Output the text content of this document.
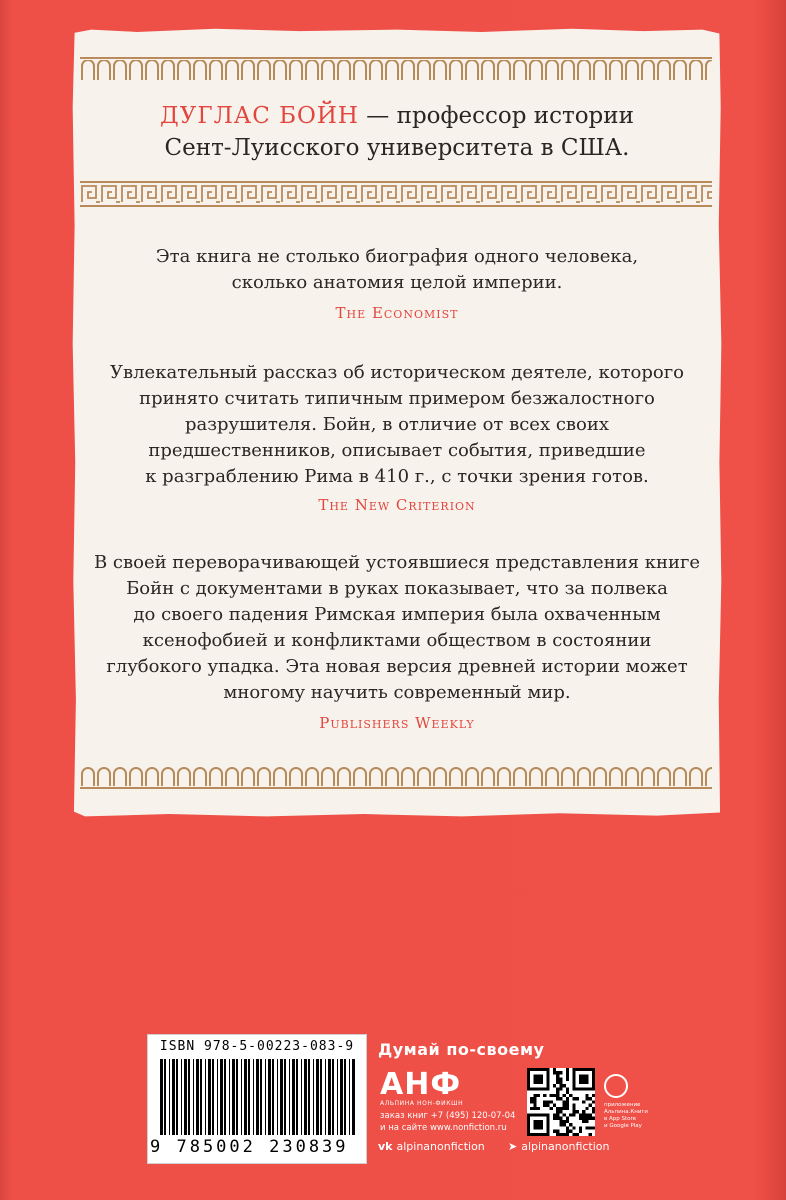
ДУГЛАС БОЙН — профессор истории
Сент-Луисского университета в США.
Эта книга не столько биография одного человека,
сколько анатомия целой империи.
The Economist
Увлекательный рассказ об историческом деятеле, которого
принято считать типичным примером безжалостного
разрушителя. Бойн, в отличие от всех своих
предшественников, описывает события, приведшие
к разграблению Рима в 410 г., с точки зрения готов.
The New Criterion
В своей переворачивающей устоявшиеся представления книге
Бойн с документами в руках показывает, что за полвека
до своего падения Римская империя была охваченным
ксенофобией и конфликтами обществом в состоянии
глубокого упадка. Эта новая версия древней истории может
многому научить современный мир.
Publishers Weekly
ISBN 978-5-00223-083-9
9 785002 230839
Думай по-своему
АНФ
АЛЬПИНА НОН-ФИКШН
заказ книг +7 (495) 120-07-04
и на сайте www.nonfiction.ru
приложение
Альпина.Книги
в App Store
и Google Play
vk alpinanonfiction ➤ alpinanonfiction
